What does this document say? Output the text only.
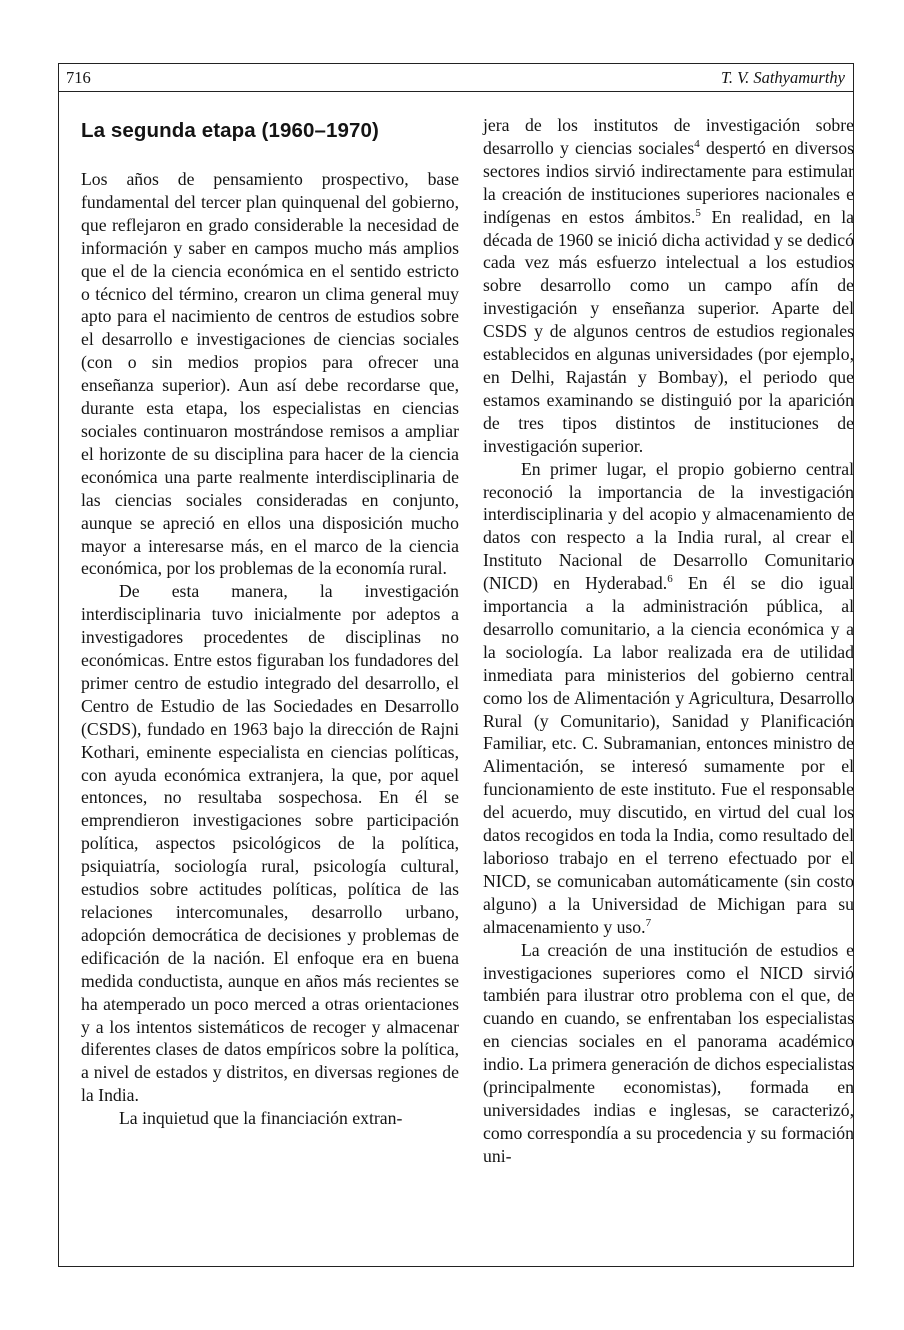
716	T. V. Sathyamurthy
La segunda etapa (1960–1970)

Los años de pensamiento prospectivo, base fundamental del tercer plan quinquenal del gobierno, que reflejaron en grado considerable la necesidad de información y saber en campos mucho más amplios que el de la ciencia económica en el sentido estricto o técnico del término, crearon un clima general muy apto para el nacimiento de centros de estudios sobre el desarrollo e investigaciones de ciencias sociales (con o sin medios propios para ofrecer una enseñanza superior). Aun así debe recordarse que, durante esta etapa, los especialistas en ciencias sociales continuaron mostrándose remisos a ampliar el horizonte de su disciplina para hacer de la ciencia económica una parte realmente interdisciplinaria de las ciencias sociales consideradas en conjunto, aunque se apreció en ellos una disposición mucho mayor a interesarse más, en el marco de la ciencia económica, por los problemas de la economía rural.

De esta manera, la investigación interdisciplinaria tuvo inicialmente por adeptos a investigadores procedentes de disciplinas no económicas. Entre estos figuraban los fundadores del primer centro de estudio integrado del desarrollo, el Centro de Estudio de las Sociedades en Desarrollo (CSDS), fundado en 1963 bajo la dirección de Rajni Kothari, eminente especialista en ciencias políticas, con ayuda económica extranjera, la que, por aquel entonces, no resultaba sospechosa. En él se emprendieron investigaciones sobre participación política, aspectos psicológicos de la política, psiquiatría, sociología rural, psicología cultural, estudios sobre actitudes políticas, política de las relaciones intercomunales, desarrollo urbano, adopción democrática de decisiones y problemas de edificación de la nación. El enfoque era en buena medida conductista, aunque en años más recientes se ha atemperado un poco merced a otras orientaciones y a los intentos sistemáticos de recoger y almacenar diferentes clases de datos empíricos sobre la política, a nivel de estados y distritos, en diversas regiones de la India.

La inquietud que la financiación extran-

jera de los institutos de investigación sobre desarrollo y ciencias sociales$^4$ despertó en diversos sectores indios sirvió indirectamente para estimular la creación de instituciones superiores nacionales e indígenas en estos ámbitos.$^5$ En realidad, en la década de 1960 se inició dicha actividad y se dedicó cada vez más esfuerzo intelectual a los estudios sobre desarrollo como un campo afín de investigación y enseñanza superior. Aparte del CSDS y de algunos centros de estudios regionales establecidos en algunas universidades (por ejemplo, en Delhi, Rajastán y Bombay), el periodo que estamos examinando se distinguió por la aparición de tres tipos distintos de instituciones de investigación superior.

En primer lugar, el propio gobierno central reconoció la importancia de la investigación interdisciplinaria y del acopio y almacenamiento de datos con respecto a la India rural, al crear el Instituto Nacional de Desarrollo Comunitario (NICD) en Hyderabad.$^6$ En él se dio igual importancia a la administración pública, al desarrollo comunitario, a la ciencia económica y a la sociología. La labor realizada era de utilidad inmediata para ministerios del gobierno central como los de Alimentación y Agricultura, Desarrollo Rural (y Comunitario), Sanidad y Planificación Familiar, etc. C. Subramanian, entonces ministro de Alimentación, se interesó sumamente por el funcionamiento de este instituto. Fue el responsable del acuerdo, muy discutido, en virtud del cual los datos recogidos en toda la India, como resultado del laborioso trabajo en el terreno efectuado por el NICD, se comunicaban automáticamente (sin costo alguno) a la Universidad de Michigan para su almacenamiento y uso.$^7$

La creación de una institución de estudios e investigaciones superiores como el NICD sirvió también para ilustrar otro problema con el que, de cuando en cuando, se enfrentaban los especialistas en ciencias sociales en el panorama académico indio. La primera generación de dichos especialistas (principalmente economistas), formada en universidades indias e inglesas, se caracterizó, como correspondía a su procedencia y su formación uni-
